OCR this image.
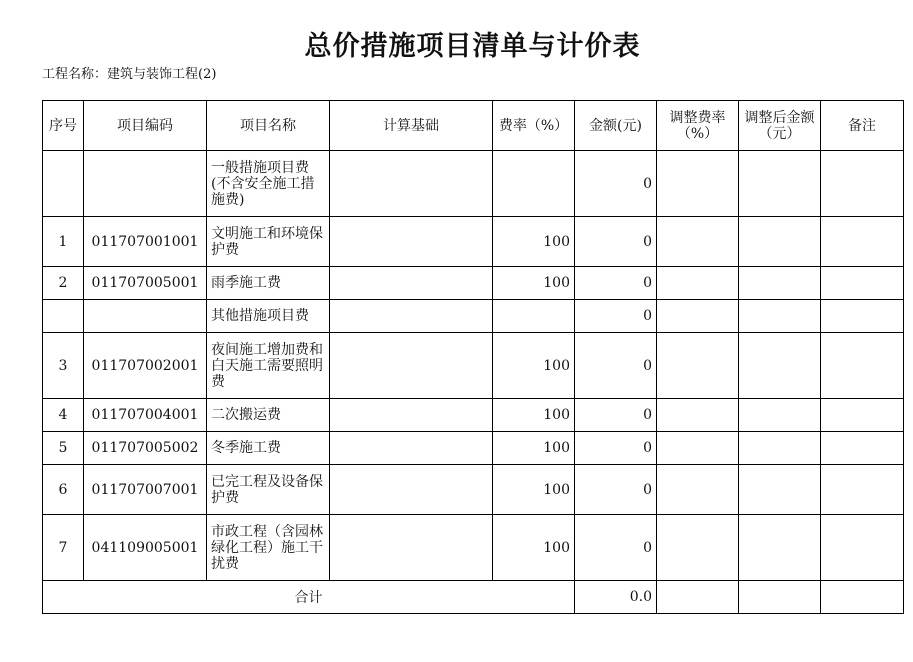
总价措施项目清单与计价表
工程名称：建筑与装饰工程(2)
序号	项目编码	项目名称	计算基础	费率（%）	金额(元)	调整费率（%）	调整后金额（元）	备注
		一般措施项目费(不含安全施工措施费)			0			
1	011707001001	文明施工和环境保护费		100	0			
2	011707005001	雨季施工费		100	0			
		其他措施项目费			0			
3	011707002001	夜间施工增加费和白天施工需要照明费		100	0			
4	011707004001	二次搬运费		100	0			
5	011707005002	冬季施工费		100	0			
6	011707007001	已完工程及设备保护费		100	0			
7	041109005001	市政工程（含园林绿化工程）施工干扰费		100	0			
合计					0.0			
